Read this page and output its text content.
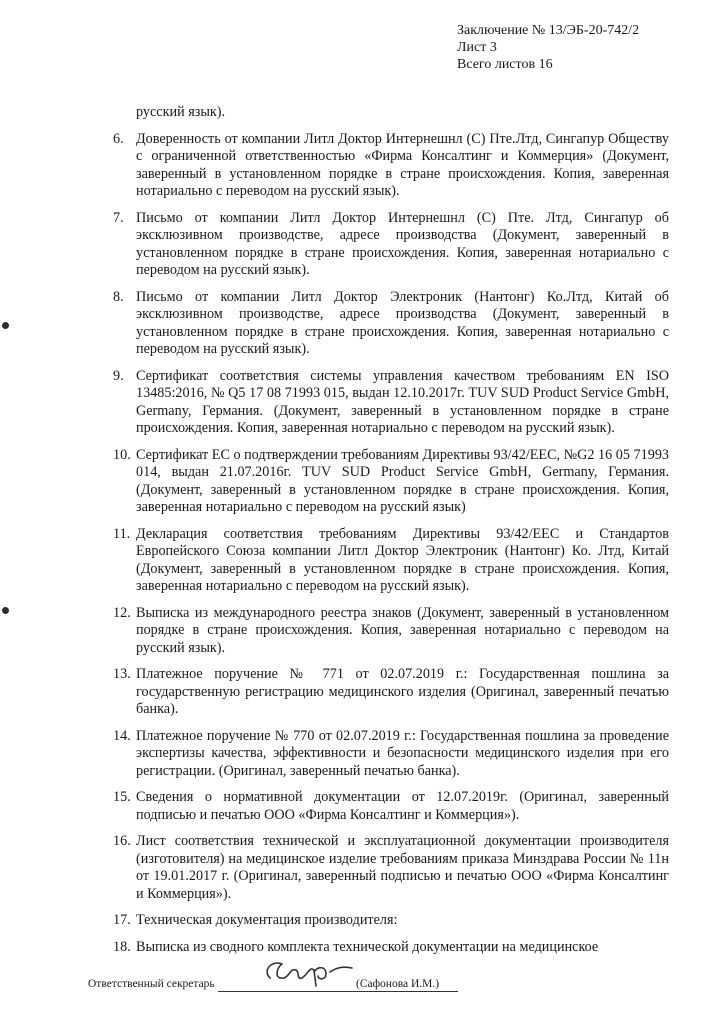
Заключение № 13/ЭБ-20-742/2
Лист 3
Всего листов 16
русский язык).
6. Доверенность от компании Литл Доктор Интернешнл (С) Пте.Лтд, Сингапур Обществу с ограниченной ответственностью «Фирма Консалтинг и Коммерция» (Документ, заверенный в установленном порядке в стране происхождения. Копия, заверенная нотариально с переводом на русский язык).
7. Письмо от компании Литл Доктор Интернешнл (С) Пте. Лтд, Сингапур об эксклюзивном производстве, адресе производства (Документ, заверенный в установленном порядке в стране происхождения. Копия, заверенная нотариально с переводом на русский язык).
8. Письмо от компании Литл Доктор Электроник (Нантонг) Ко.Лтд, Китай об эксклюзивном производстве, адресе производства (Документ, заверенный в установленном порядке в стране происхождения. Копия, заверенная нотариально с переводом на русский язык).
9. Сертификат соответствия системы управления качеством требованиям EN ISO 13485:2016, № Q5 17 08 71993 015, выдан 12.10.2017г. TUV SUD Product Service GmbH, Germany, Германия. (Документ, заверенный в установленном порядке в стране происхождения. Копия, заверенная нотариально с переводом на русский язык).
10. Сертификат ЕС о подтверждении требованиям Директивы 93/42/EEC, №G2 16 05 71993 014, выдан 21.07.2016г. TUV SUD Product Service GmbH, Germany, Германия. (Документ, заверенный в установленном порядке в стране происхождения. Копия, заверенная нотариально с переводом на русский язык)
11. Декларация соответствия требованиям Директивы 93/42/EEC и Стандартов Европейского Союза компании Литл Доктор Электроник (Нантонг) Ко. Лтд, Китай (Документ, заверенный в установленном порядке в стране происхождения. Копия, заверенная нотариально с переводом на русский язык).
12. Выписка из международного реестра знаков (Документ, заверенный в установленном порядке в стране происхождения. Копия, заверенная нотариально с переводом на русский язык).
13. Платежное поручение № 771 от 02.07.2019 г.: Государственная пошлина за государственную регистрацию медицинского изделия (Оригинал, заверенный печатью банка).
14. Платежное поручение № 770 от 02.07.2019 г.: Государственная пошлина за проведение экспертизы качества, эффективности и безопасности медицинского изделия при его регистрации. (Оригинал, заверенный печатью банка).
15. Сведения о нормативной документации от 12.07.2019г. (Оригинал, заверенный подписью и печатью ООО «Фирма Консалтинг и Коммерция»).
16. Лист соответствия технической и эксплуатационной документации производителя (изготовителя) на медицинское изделие требованиям приказа Минздрава России № 11н от 19.01.2017 г. (Оригинал, заверенный подписью и печатью ООО «Фирма Консалтинг и Коммерция»).
17. Техническая документация производителя:
18. Выписка из сводного комплекта технической документации на медицинское
Ответственный секретарь	(Сафонова И.М.)
